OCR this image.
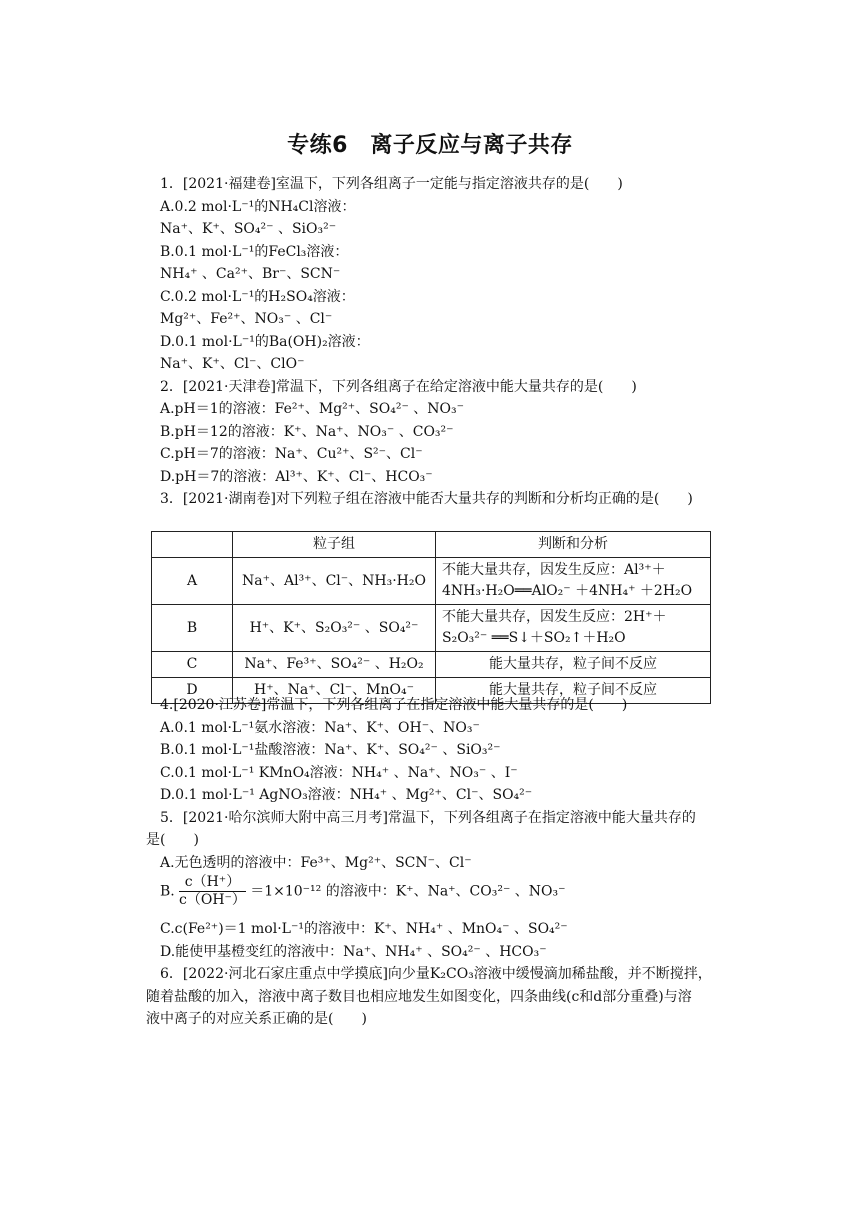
专练6　离子反应与离子共存
1．[2021·福建卷]室温下，下列各组离子一定能与指定溶液共存的是(　　)
A.0.2 mol·L⁻¹的NH₄Cl溶液：
Na⁺、K⁺、SO₄²⁻ 、SiO₃²⁻
B.0.1 mol·L⁻¹的FeCl₃溶液：
NH₄⁺ 、Ca²⁺、Br⁻、SCN⁻
C.0.2 mol·L⁻¹的H₂SO₄溶液：
Mg²⁺、Fe²⁺、NO₃⁻ 、Cl⁻
D.0.1 mol·L⁻¹的Ba(OH)₂溶液：
Na⁺、K⁺、Cl⁻、ClO⁻
2．[2021·天津卷]常温下，下列各组离子在给定溶液中能大量共存的是(　　)
A.pH＝1的溶液：Fe²⁺、Mg²⁺、SO₄²⁻ 、NO₃⁻
B.pH＝12的溶液：K⁺、Na⁺、NO₃⁻ 、CO₃²⁻
C.pH＝7的溶液：Na⁺、Cu²⁺、S²⁻、Cl⁻
D.pH＝7的溶液：Al³⁺、K⁺、Cl⁻、HCO₃⁻
3．[2021·湖南卷]对下列粒子组在溶液中能否大量共存的判断和分析均正确的是(　　)
	粒子组	判断和分析
A	Na⁺、Al³⁺、Cl⁻、NH₃·H₂O	不能大量共存，因发生反应：Al³⁺＋
4NH₃·H₂O══AlO₂⁻ ＋4NH₄⁺ ＋2H₂O

B	H⁺、K⁺、S₂O₃²⁻ 、SO₄²⁻	不能大量共存，因发生反应：2H⁺＋
S₂O₃²⁻ ══S↓＋SO₂↑＋H₂O

C	Na⁺、Fe³⁺、SO₄²⁻ 、H₂O₂	能大量共存，粒子间不反应
D	H⁺、Na⁺、Cl⁻、MnO₄⁻	能大量共存，粒子间不反应
4.[2020·江苏卷]常温下，下列各组离子在指定溶液中能大量共存的是(　　)
A.0.1 mol·L⁻¹氨水溶液：Na⁺、K⁺、OH⁻、NO₃⁻
B.0.1 mol·L⁻¹盐酸溶液：Na⁺、K⁺、SO₄²⁻ 、SiO₃²⁻
C.0.1 mol·L⁻¹ KMnO₄溶液：NH₄⁺ 、Na⁺、NO₃⁻ 、I⁻
D.0.1 mol·L⁻¹ AgNO₃溶液：NH₄⁺ 、Mg²⁺、Cl⁻、SO₄²⁻
5．[2021·哈尔滨师大附中高三月考]常温下，下列各组离子在指定溶液中能大量共存的
是(　　)
A.无色透明的溶液中：Fe³⁺、Mg²⁺、SCN⁻、Cl⁻
B. $\frac{c(H^+)}{c(OH^-)} =1\times 10^{-12}$ 的溶液中：K⁺、Na⁺、CO₃²⁻ 、NO₃⁻
C.c(Fe²⁺)＝1 mol·L⁻¹的溶液中：K⁺、NH₄⁺ 、MnO₄⁻ 、SO₄²⁻
D.能使甲基橙变红的溶液中：Na⁺、NH₄⁺ 、SO₄²⁻ 、HCO₃⁻
6．[2022·河北石家庄重点中学摸底]向少量K₂CO₃溶液中缓慢滴加稀盐酸，并不断搅拌，
随着盐酸的加入，溶液中离子数目也相应地发生如图变化，四条曲线(c和d部分重叠)与溶
液中离子的对应关系正确的是(　　)
